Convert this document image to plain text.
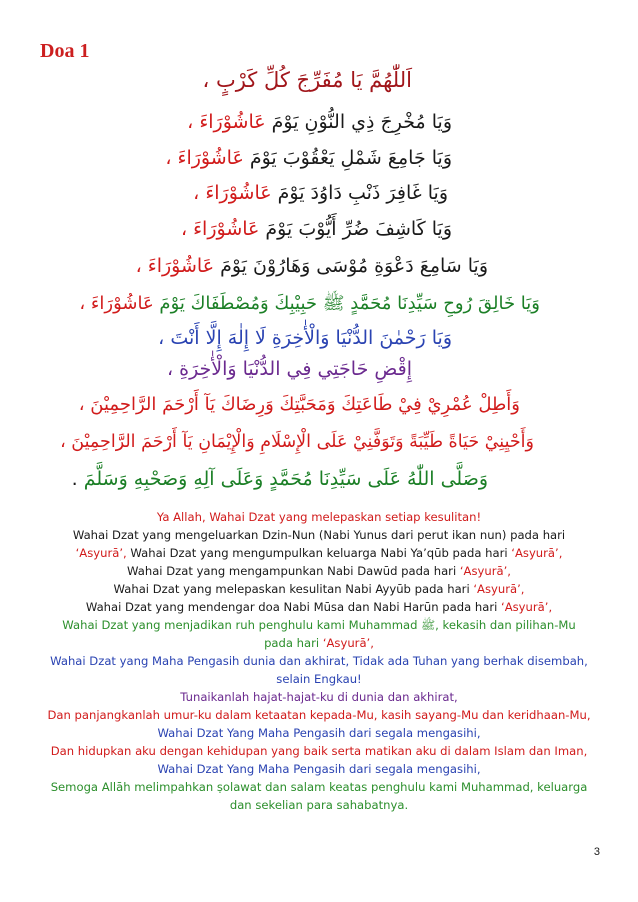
Doa 1
اَللّٰهُمَّ يَا مُفَرِّجَ كُلِّ كَرْبٍ ،
وَيَا مُخْرِجَ ذِي النُّوْنِ يَوْمَ عَاشُوْرَاءَ ،
وَيَا جَامِعَ شَمْلِ يَعْقُوْبَ يَوْمَ عَاشُوْرَاءَ ،
وَيَا غَافِرَ ذَنْبِ دَاوُدَ يَوْمَ عَاشُوْرَاءَ ،
وَيَا كَاشِفَ ضُرِّ أَيُّوْبَ يَوْمَ عَاشُوْرَاءَ ،
وَيَا سَامِعَ دَعْوَةِ مُوْسَى وَهَارُوْنَ يَوْمَ عَاشُوْرَاءَ ،
وَيَا خَالِقَ رُوحِ سَيِّدِنَا مُحَمَّدٍ ﷺ حَبِيْبِكَ وَمُصْطَفَاكَ يَوْمَ عَاشُوْرَاءَ ،
وَيَا رَحْمٰنَ الدُّنْيَا وَالْأٰخِرَةِ لَا إِلٰهَ إِلَّا أَنْتَ ،
إِقْضِ حَاجَتِي فِي الدُّنْيَا وَالْأٰخِرَةِ ،
وَأَطِلْ عُمْرِيْ فِيْ طَاعَتِكَ وَمَحَبَّتِكَ وَرِضَاكَ يَآ أَرْحَمَ الرَّاحِمِيْنَ ،
وَأَحْيِنِيْ حَيَاةً طَيِّبَةً وَتَوَفَّنِيْ عَلَى الْإِسْلَامِ وَالْإِيْمَانِ يَآ أَرْحَمَ الرَّاحِمِيْنَ ،
وَصَلَّى اللّٰهُ عَلَى سَيِّدِنَا مُحَمَّدٍ وَعَلَى آلِهِ وَصَحْبِهِ وَسَلَّمَ .

Ya Allah, Wahai Dzat yang melepaskan setiap kesulitan!

Wahai Dzat yang mengeluarkan Dzin-Nun (Nabi Yunus dari perut ikan nun) pada hari ‘Asyurā’, Wahai Dzat yang mengumpulkan keluarga Nabi Ya’qūb pada hari ‘Asyurā’,

Wahai Dzat yang mengampunkan Nabi Dawūd pada hari ‘Asyurā’,

Wahai Dzat yang melepaskan kesulitan Nabi Ayyūb pada hari ‘Asyurā’,

Wahai Dzat yang mendengar doa Nabi Mūsa dan Nabi Harūn pada hari ‘Asyurā’,

Wahai Dzat yang menjadikan ruh penghulu kami Muhammad ﷺ, kekasih dan pilihan-Mu pada hari ‘Asyurā’,

Wahai Dzat yang Maha Pengasih dunia dan akhirat, Tidak ada Tuhan yang berhak disembah, selain Engkau!

Tunaikanlah hajat-hajat-ku di dunia dan akhirat,

Dan panjangkanlah umur-ku dalam ketaatan kepada-Mu, kasih sayang-Mu dan keridhaan-Mu, Wahai Dzat Yang Maha Pengasih dari segala mengasihi,

Dan hidupkan aku dengan kehidupan yang baik serta matikan aku di dalam Islam dan Iman,

Wahai Dzat Yang Maha Pengasih dari segala mengasihi,

Semoga Allāh melimpahkan ṣolawat dan salam keatas penghulu kami Muhammad, keluarga dan sekelian para sahabatnya.

3
